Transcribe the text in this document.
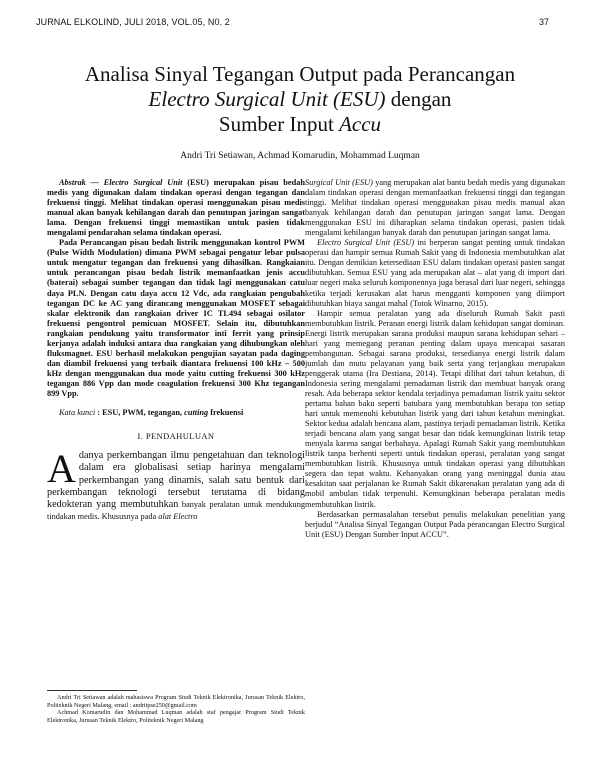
JURNAL ELKOLIND, JULI 2018, VOL.05, N0. 2	37
Analisa Sinyal Tegangan Output pada Perancangan
Electro Surgical Unit (ESU) dengan
Sumber Input Accu
Andri Tri Setiawan, Achmad Komarudin, Mohammad Luqman

Abstrak — Electro Surgical Unit (ESU) merupakan pisau bedah medis yang digunakan dalam tindakan operasi dengan tegangan dan frekuensi tinggi. Melihat tindakan operasi menggunakan pisau medis manual akan banyak kehilangan darah dan penutupan jaringan sangat lama. Dengan frekuensi tinggi memastikan untuk pasien tidak mengalami pendarahan selama tindakan operasi.

Pada Perancangan pisau bedah listrik menggunakan kontrol PWM (Pulse Width Modulation) dimana PWM sebagai pengatur lebar pulsa untuk mengatur tegangan dan frekuensi yang dihasilkan. Rangkaian untuk perancangan pisau bedah listrik memanfaatkan jenis accu (baterai) sebagai sumber tegangan dan tidak lagi menggunakan catu daya PLN. Dengan catu daya accu 12 Vdc, ada rangkaian pengubah tegangan DC ke AC yang dirancang menggunakan MOSFET sebagai skalar elektronik dan rangkaian driver IC TL494 sebagai osilator frekuensi pengontrol pemicuan MOSFET. Selain itu, dibutuhkan rangkaian pendukung yaitu transformator inti ferrit yang prinsip kerjanya adalah induksi antara dua rangkaian yang dihubungkan oleh fluksmagnet. ESU berhasil melakukan pengujian sayatan pada daging dan diambil frekuensi yang terbaik diantara frekuensi 100 kHz – 500 kHz dengan menggunakan dua mode yaitu cutting frekuensi 300 kHz tegangan 886 Vpp dan mode coagulation frekuensi 300 Khz tegangan 899 Vpp.

Kata kunci : ESU, PWM, tegangan, cutting frekuensi

I. PENDAHULUAN

Adanya perkembangan ilmu pengetahuan dan teknologi dalam era globalisasi setiap harinya mengalami perkembangan yang dinamis, salah satu bentuk dari perkembangan teknologi tersebut terutama di bidang kedokteran yang membutuhkan banyak peralatan untuk mendukung tindakan medis. Khususnya pada alat Electro

Andri Tri Setiawan adalah mahasiswa Program Studi Teknik Elektronika, Jurusan Teknik Elektro, Politeknik Negeri Malang, email : andritpse250@gmail.com

Achmad Komarudin dan Mohammad Luqman adalah staf pengajar Program Studi Teknik Elektronika, Jurusan Teknik Elektro, Politeknik Negeri Malang

Surgical Unit (ESU) yang merupakan alat bantu bedah medis yang digunakan dalam tindakan operasi dengan memanfaatkan frekuensi tinggi dan tegangan tinggi. Melihat tindakan operasi menggunakan pisau medis manual akan banyak kehilangan darah dan penutupan jaringan sangat lama. Dengan menggunakan ESU ini diharapkan selama tindakan operasi, pasien tidak mengalami kehilangan banyak darah dan penutupan jaringan sangat lama.

Electro Surgical Unit (ESU) ini berperan sangat penting untuk tindakan operasi dan hampir semua Rumah Sakit yang di Indonesia membutuhkan alat itu. Dengan demikian ketersediaan ESU dalam tindakan operasi pasien sangat dibutuhkan. Semua ESU yang ada merupakan alat – alat yang di import dari luar negeri maka seluruh komponennya juga berasal dari luar negeri, sehingga ketika terjadi kerusakan alat harus mengganti komponen yang diimport dibutuhkan biaya sangat mahal (Totok Winarno, 2015).

Hampir semua peralatan yang ada diseluruh Rumah Sakit pasti membutuhkan listrik. Peranan energi listrik dalam kehidupan sangat dominan. Energi listrik merupakan sarana produksi maupun sarana kehidupan sehari – hari yang memegang peranan penting dalam upaya mencapai sasaran pembangunan. Sebagai sarana produksi, tersedianya energi listrik dalam jumlah dan mutu pelayanan yang baik serta yang terjangkau merupakan penggerak utama (Ira Destiana, 2014). Tetapi dilihat dari tahun ketahun, di Indonesia sering mengalami pemadaman listrik dan membuat banyak orang resah. Ada beberapa sektor kendala terjadinya pemadaman listrik yaitu sektor pertama bahan baku seperti batubara yang membutuhkan berapa ton setiap hari untuk memenuhi kebutuhan listrik yang dari tahun ketahun meningkat. Sektor kedua adalah bencana alam, pastinya terjadi pemadaman listrik. Ketika terjadi bencana alam yang sangat besar dan tidak kemungkinan listrik tetap menyala karena sangat berbahaya. Apalagi Rumah Sakit yang membutuhkan listrik tanpa berhenti seperti untuk tindakan operasi, peralatan yang sangat membutuhkan listrik. Khususnya untuk tindakan operasi yang dibutuhkan segera dan tepat waktu. Kebanyakan orang yang meninggal dunia atau kesakitan saat perjalanan ke Rumah Sakit dikarenakan peralatan yang ada di mobil ambulan tidak terpenuhi. Kemungkinan beberapa peralatan medis membutuhkan listrik.

Berdasarkan permasalahan tersebut penulis melakukan penelitian yang berjudul “Analisa Sinyal Tegangan Output Pada perancangan Electro Surgical Unit (ESU) Dengan Sumber Input ACCU”.
